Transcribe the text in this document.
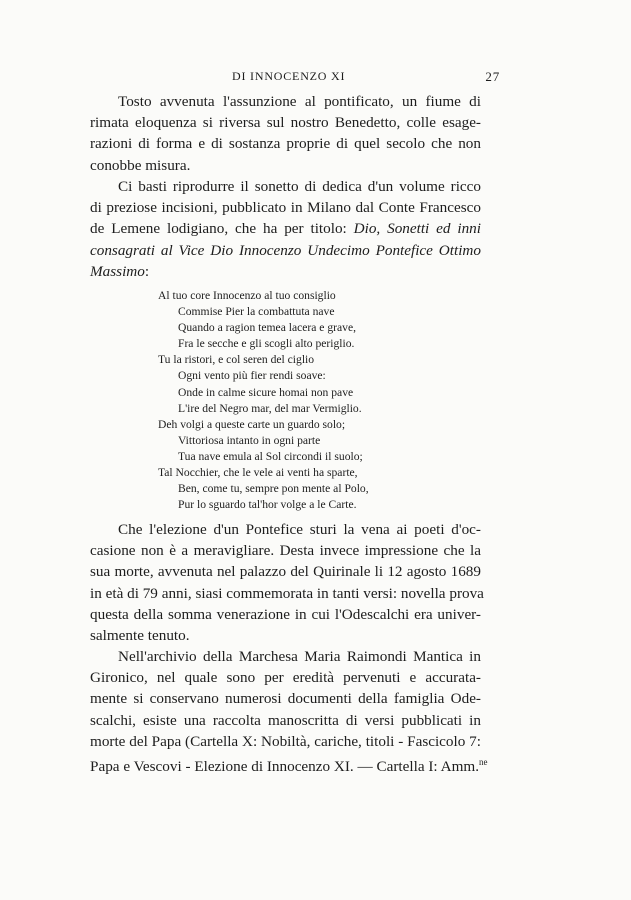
DI INNOCENZO XI	27
Tosto avvenuta l'assunzione al pontificato, un fiume di
rimata eloquenza si riversa sul nostro Benedetto, colle esage-
razioni di forma e di sostanza proprie di quel secolo che non
conobbe misura.
Ci basti riprodurre il sonetto di dedica d'un volume ricco
di preziose incisioni, pubblicato in Milano dal Conte Francesco
de Lemene lodigiano, che ha per titolo: Dio, Sonetti ed inni
consagrati al Vice Dio Innocenzo Undecimo Pontefice Ottimo
Massimo:
Al tuo core Innocenzo al tuo consiglio
Commise Pier la combattuta nave
Quando a ragion temea lacera e grave,
Fra le secche e gli scogli alto periglio.
Tu la ristori, e col seren del ciglio
Ogni vento più fier rendi soave:
Onde in calme sicure homai non pave
L'ire del Negro mar, del mar Vermiglio.
Deh volgi a queste carte un guardo solo;
Vittoriosa intanto in ogni parte
Tua nave emula al Sol circondi il suolo;
Tal Nocchier, che le vele ai venti ha sparte,
Ben, come tu, sempre pon mente al Polo,
Pur lo sguardo tal'hor volge a le Carte.
Che l'elezione d'un Pontefice sturi la vena ai poeti d'oc-
casione non è a meravigliare. Desta invece impressione che la
sua morte, avvenuta nel palazzo del Quirinale li 12 agosto 1689
in età di 79 anni, siasi commemorata in tanti versi: novella prova
questa della somma venerazione in cui l'Odescalchi era univer-
salmente tenuto.
Nell'archivio della Marchesa Maria Raimondi Mantica in
Gironico, nel quale sono per eredità pervenuti e accurata-
mente si conservano numerosi documenti della famiglia Ode-
scalchi, esiste una raccolta manoscritta di versi pubblicati in
morte del Papa (Cartella X: Nobiltà, cariche, titoli - Fascicolo 7:
Papa e Vescovi - Elezione di Innocenzo XI. — Cartella I: Amm.$^{ne}$
